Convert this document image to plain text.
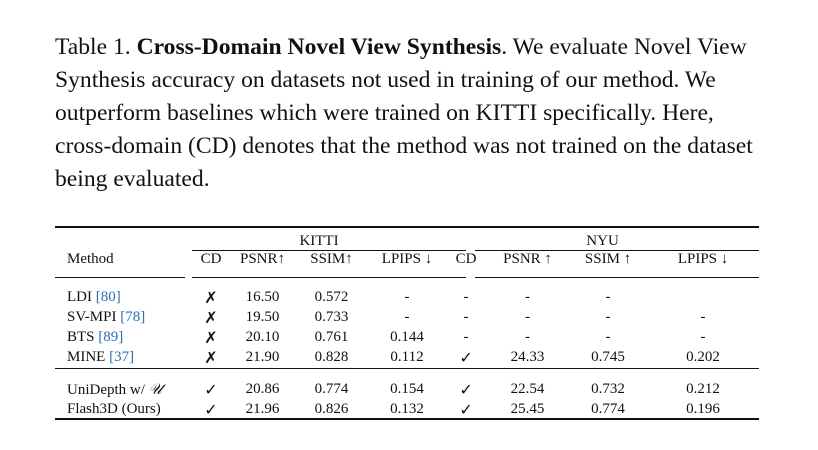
Table 1. Cross-Domain Novel View Synthesis. We evaluate Novel View Synthesis accuracy on datasets not used in training of our method. We outperform baselines which were trained on KITTI specifically. Here, cross-domain (CD) denotes that the method was not trained on the dataset being evaluated.

	KITTI				NYU			
Method	CD	PSNR↑	SSIM↑	LPIPS ↓	CD	PSNR ↑	SSIM ↑	LPIPS ↓

LDI [80]	✗	16.50	0.572	-	-	-	-	
SV-MPI [78]	✗	19.50	0.733	-	-	-	-	-
BTS [89]	✗	20.10	0.761	0.144	-	-	-	-
MINE [37]	✗	21.90	0.828	0.112	✓	24.33	0.745	0.202

UniDepth w/ 𝒰	✓	20.86	0.774	0.154	✓	22.54	0.732	0.212
Flash3D (Ours)	✓	21.96	0.826	0.132	✓	25.45	0.774	0.196
